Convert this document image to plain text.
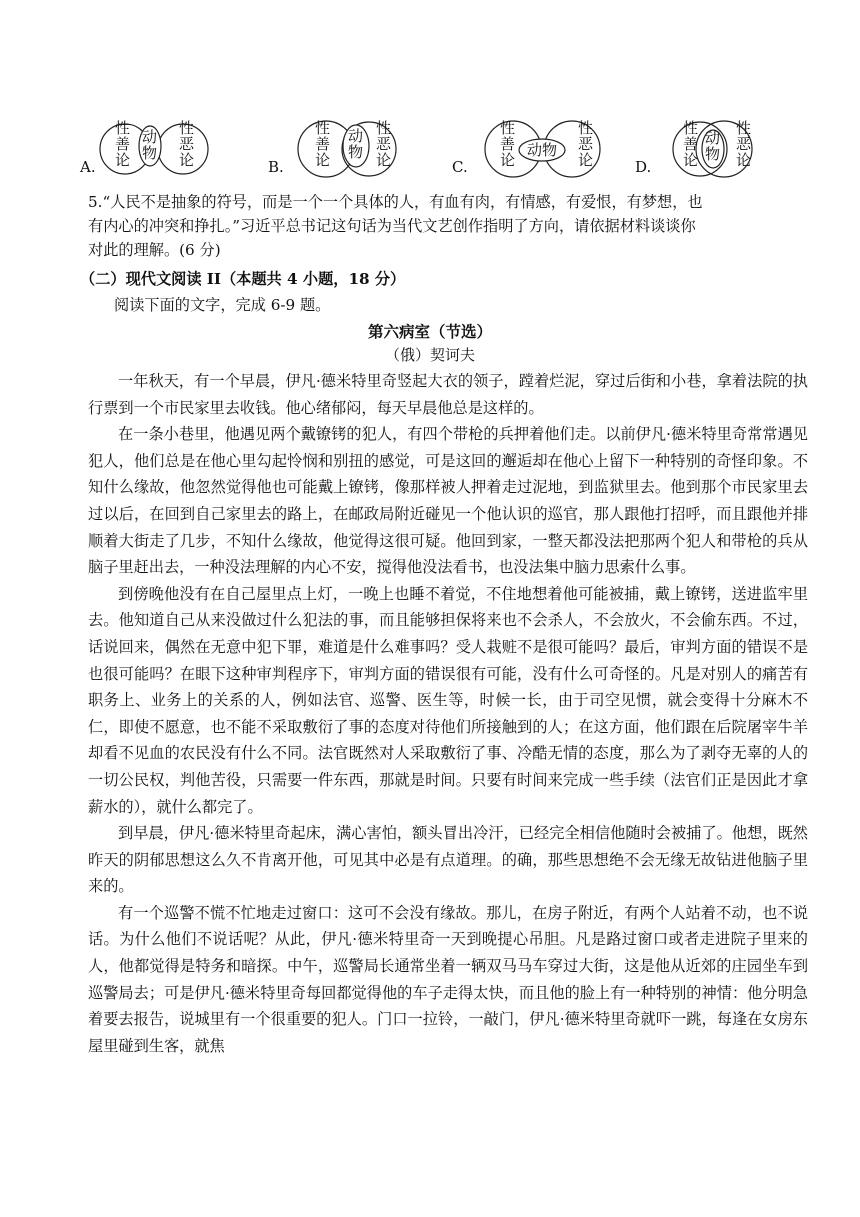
A.
性善论
动物
性恶论	B.
性善论
动物
性恶论	C.
性善论
动物
性恶论	D.
性善论
动物
性恶论

5.“人民不是抽象的符号，而是一个一个具体的人，有血有肉，有情感，有爱恨，有梦想，也

有内心的冲突和挣扎。”习近平总书记这句话为当代文艺创作指明了方向，请依据材料谈谈你

对此的理解。(6 分)

（二）现代文阅读 II（本题共 4 小题，18 分）
阅读下面的文字，完成 6-9 题。
第六病室（节选）
（俄）契诃夫

一年秋天，有一个早晨，伊凡·德米特里奇竖起大衣的领子，蹚着烂泥，穿过后街和小巷，拿着法院的执行票到一个市民家里去收钱。他心绪郁闷，每天早晨他总是这样的。

在一条小巷里，他遇见两个戴镣铐的犯人，有四个带枪的兵押着他们走。以前伊凡·德米特里奇常常遇见犯人，他们总是在他心里勾起怜悯和别扭的感觉，可是这回的邂逅却在他心上留下一种特别的奇怪印象。不知什么缘故，他忽然觉得他也可能戴上镣铐，像那样被人押着走过泥地，到监狱里去。他到那个市民家里去过以后，在回到自己家里去的路上，在邮政局附近碰见一个他认识的巡官，那人跟他打招呼，而且跟他并排顺着大街走了几步，不知什么缘故，他觉得这很可疑。他回到家，一整天都没法把那两个犯人和带枪的兵从脑子里赶出去，一种没法理解的内心不安，搅得他没法看书，也没法集中脑力思索什么事。

到傍晚他没有在自己屋里点上灯，一晚上也睡不着觉，不住地想着他可能被捕，戴上镣铐，送进监牢里去。他知道自己从来没做过什么犯法的事，而且能够担保将来也不会杀人，不会放火，不会偷东西。不过，话说回来，偶然在无意中犯下罪，难道是什么难事吗？受人栽赃不是很可能吗？最后，审判方面的错误不是也很可能吗？在眼下这种审判程序下，审判方面的错误很有可能，没有什么可奇怪的。凡是对别人的痛苦有职务上、业务上的关系的人，例如法官、巡警、医生等，时候一长，由于司空见惯，就会变得十分麻木不仁，即使不愿意，也不能不采取敷衍了事的态度对待他们所接触到的人；在这方面，他们跟在后院屠宰牛羊却看不见血的农民没有什么不同。法官既然对人采取敷衍了事、冷酷无情的态度，那么为了剥夺无辜的人的一切公民权，判他苦役，只需要一件东西，那就是时间。只要有时间来完成一些手续（法官们正是因此才拿薪水的），就什么都完了。

到早晨，伊凡·德米特里奇起床，满心害怕，额头冒出冷汗，已经完全相信他随时会被捕了。他想，既然昨天的阴郁思想这么久不肯离开他，可见其中必是有点道理。的确，那些思想绝不会无缘无故钻进他脑子里来的。

有一个巡警不慌不忙地走过窗口：这可不会没有缘故。那儿，在房子附近，有两个人站着不动，也不说话。为什么他们不说话呢？从此，伊凡·德米特里奇一天到晚提心吊胆。凡是路过窗口或者走进院子里来的人，他都觉得是特务和暗探。中午，巡警局长通常坐着一辆双马马车穿过大街，这是他从近郊的庄园坐车到巡警局去；可是伊凡·德米特里奇每回都觉得他的车子走得太快，而且他的脸上有一种特别的神情：他分明急着要去报告，说城里有一个很重要的犯人。门口一拉铃，一敲门，伊凡·德米特里奇就吓一跳，每逢在女房东屋里碰到生客，就焦
